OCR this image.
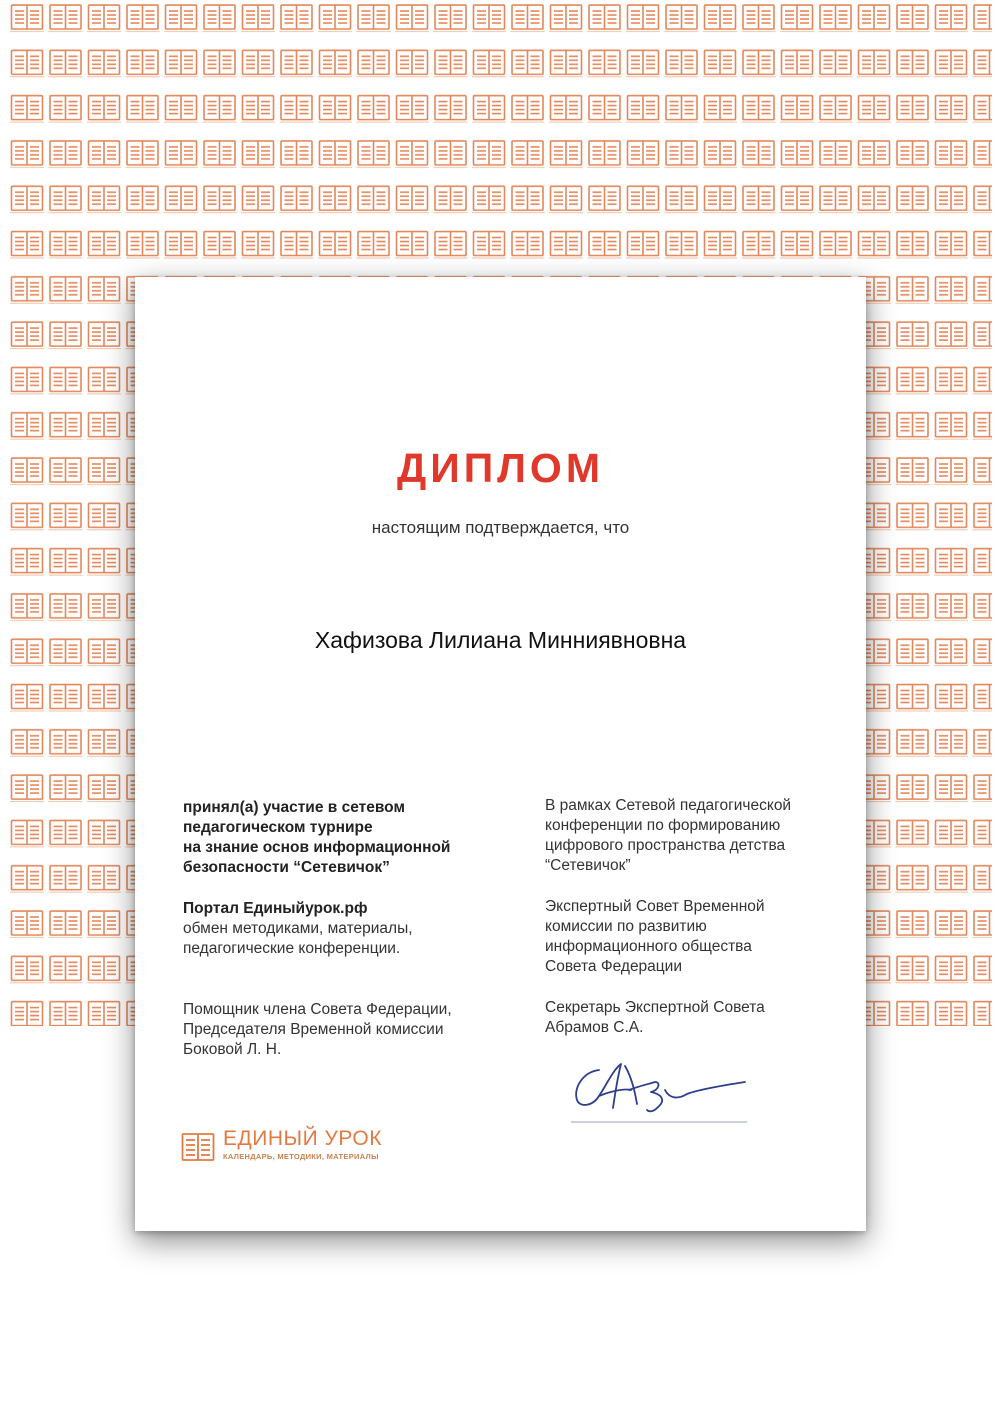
ДИПЛОМ
настоящим подтверждается, что
Хафизова Лилиана Минниявновна
принял(а) участие в сетевом
педагогическом турнире
на знание основ информационной
безопасности “Сетевичок”
Портал Единыйурок.рф
обмен методиками, материалы,
педагогические конференции.
Помощник члена Совета Федерации,
Председателя Временной комиссии
Боковой Л. Н.
В рамках Сетевой педагогической
конференции по формированию
цифрового пространства детства
“Сетевичок”
Экспертный Совет Временной
комиссии по развитию
информационного общества
Совета Федерации
Секретарь Экспертной Совета
Абрамов С.А.
ЕДИНЫЙ УРОК
КАЛЕНДАРЬ, МЕТОДИКИ, МАТЕРИАЛЫ
